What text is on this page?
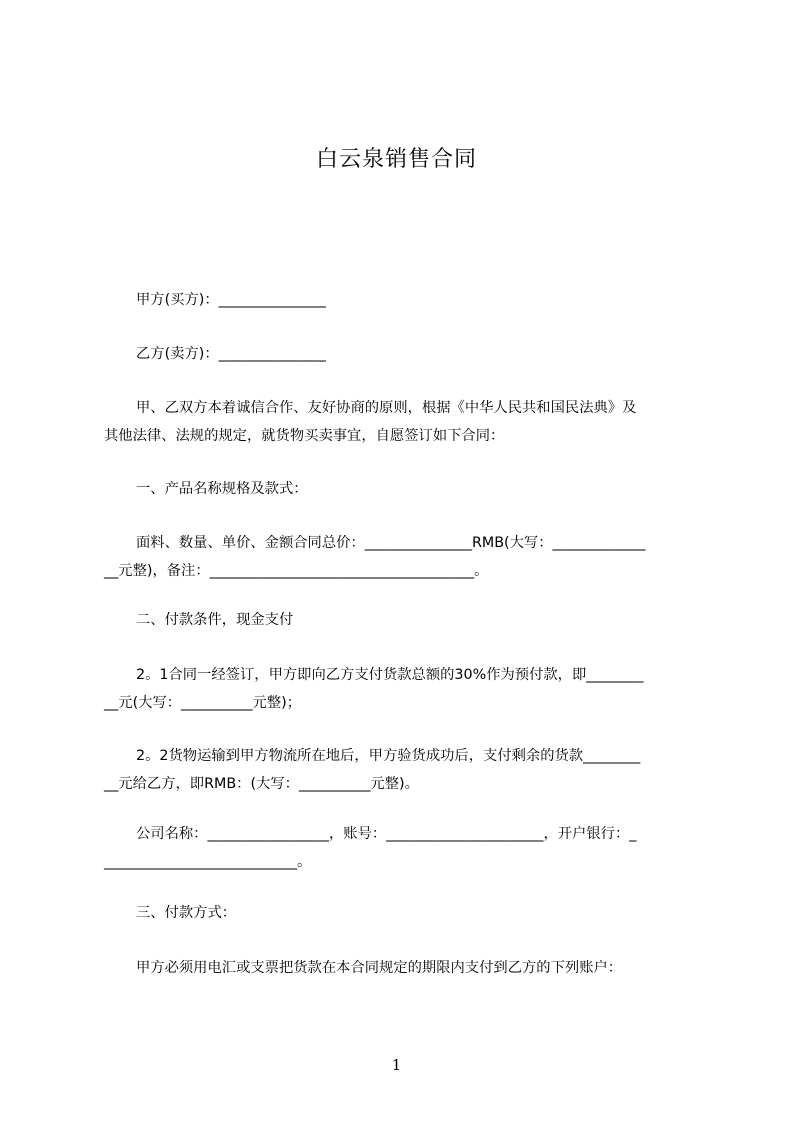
白云泉销售合同
甲方(买方)：_______________
乙方(卖方)：_______________
甲、乙双方本着诚信合作、友好协商的原则，根据《中华人民共和国民法典》及
其他法律、法规的规定，就货物买卖事宜，自愿签订如下合同：
一、产品名称规格及款式：
面料、数量、单价、金额合同总价：_______________RMB(大写：_____________
__元整)，备注：_____________________________________。
二、付款条件，现金支付
2。1合同一经签订，甲方即向乙方支付货款总额的30%作为预付款，即________
__元(大写：__________元整)；
2。2货物运输到甲方物流所在地后，甲方验货成功后，支付剩余的货款________
__元给乙方，即RMB：(大写：__________元整)。
公司名称：_________________，账号：______________________，开户银行：_
___________________________。
三、付款方式：
甲方必须用电汇或支票把货款在本合同规定的期限内支付到乙方的下列账户：
1
